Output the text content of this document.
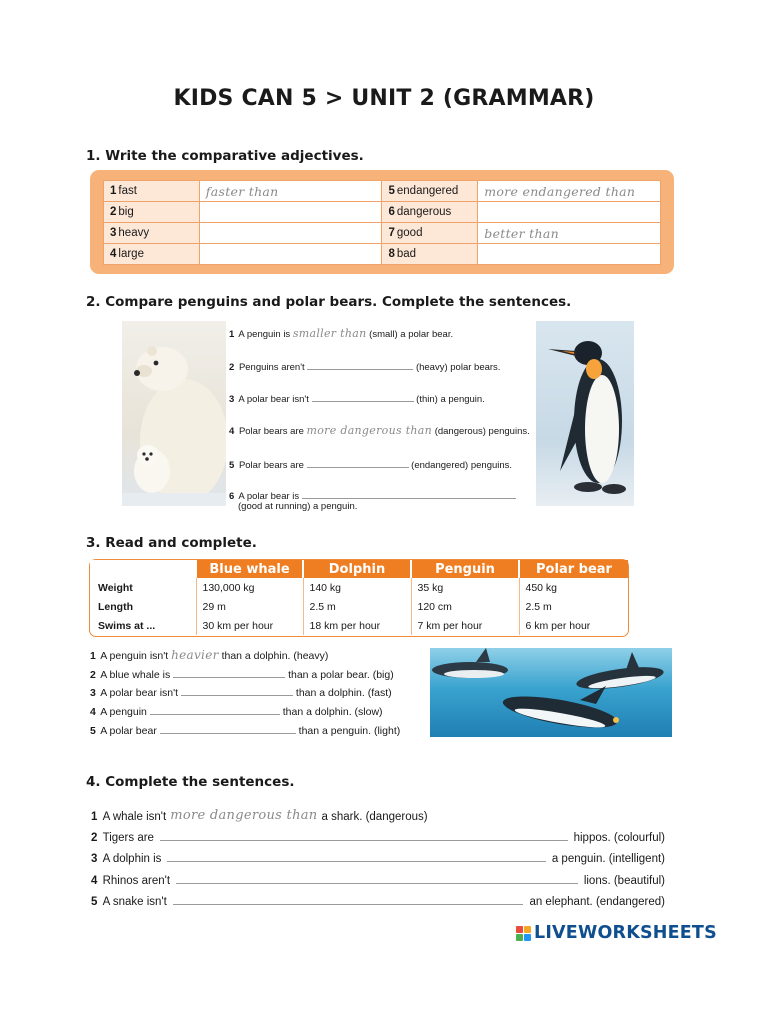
KIDS CAN 5 > UNIT 2 (GRAMMAR)
1. Write the comparative adjectives.
1 fast	faster than	5 endangered	more endangered than
2 big		6 dangerous	
3 heavy		7 good	better than
4 large		8 bad	
2. Compare penguins and polar bears. Complete the sentences.
1 A penguin is smaller than (small) a polar bear.
2 Penguins aren't	(heavy) polar bears.
3 A polar bear isn't	(thin) a penguin.
4 Polar bears are more dangerous than (dangerous) penguins.
5 Polar bears are	(endangered) penguins.
6 A polar bear is
(good at running) a penguin.
3. Read and complete.
	Blue whale	Dolphin	Penguin	Polar bear
Weight	130,000 kg	140 kg	35 kg	450 kg
Length	29 m	2.5 m	120 cm	2.5 m
Swims at ...	30 km per hour	18 km per hour	7 km per hour	6 km per hour
1 A penguin isn't heavier than a dolphin. (heavy)
2 A blue whale is	than a polar bear. (big)
3 A polar bear isn't	than a dolphin. (fast)
4 A penguin	than a dolphin. (slow)
5 A polar bear	than a penguin. (light)
4. Complete the sentences.
1
A whale isn't more dangerous than a shark. (dangerous)
2
Tigers are	hippos. (colourful)
3
A dolphin is	a penguin. (intelligent)
4
Rhinos aren't	lions. (beautiful)
5
A snake isn't	an elephant. (endangered)
LIVEWORKSHEETS
